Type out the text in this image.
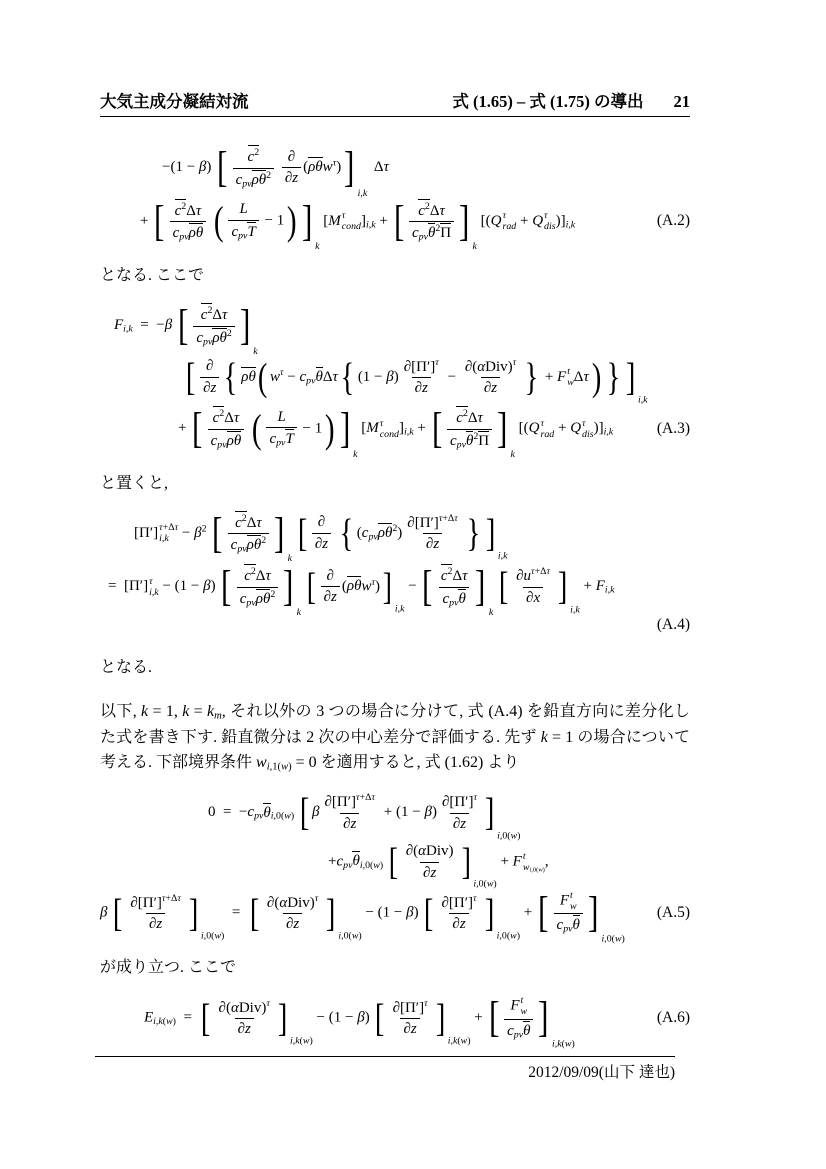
大気主成分凝結対流	式 (1.65) – 式 (1.75) の導出 21
−(1 − β) [ $c^2$
cpvρθ$^2$

∂
∂z
(ρθw$^\tau$) ]
i,k
Δτ
+ [ $c^2\Delta\tau$
cpvρθ
( L
cpvT
− 1 ) ]
k
[M τ
cond ]i,k + [ $c^2\Delta\tau$
cpvθ$^2$Π ]
k
[(Q τ
rad + Q τ
dis )]i,k	(A.2)

となる. ここで

Fi,k  =  −β [ $c^2\Delta\tau$
cpvρθ$^2$ ]
k
[ ∂
∂z { ρθ ( $w^\tau - cpv\theta\Delta\tau$ { $(1 - \beta) \frac{\partial[\Pi']^\tau}{\partial z}$ −
$\partial(\alpha Div)^\tau$
∂z } + F t
w Δτ ) } ]
i,k
+ [ $c^2\Delta\tau$
cpvρθ
( L
cpvT
− 1 ) ]
k
[M τ
cond ]i,k + [ $c^2\Delta\tau$
cpvθ$^2$Π ]
k
[(Q τ
rad + Q τ
dis )]i,k	(A.3)

と置くと,

[Π′] τ+Δτ
$i,k - \beta^2$ [ $c^2\Delta\tau$
cpvρθ$^2$ ]
k

[ ∂
∂z
{ $(cpv\rho\theta^2) \frac{\partial[\Pi']^{\tau+\Delta\tau}}{\partial z}$ } ]
i,k
=  [Π′] τ
i,k − (1 − β) [ $c^2\Delta\tau$
cpvρθ$^2$ ]
k

[ ∂
∂z
(ρθw$^\tau$) ]
i,k
− [ $c^2\Delta\tau$
cpvθ ]
k

[ $\frac{\partial u^{\tau+\Delta\tau}}{\partial x}$ ]
i,k
+ Fi,k
(A.4)

となる.

以下, k = 1, k = km, それ以外の 3 つの場合に分けて, 式 (A.4) を鉛直方向に差分化した式を書き下す. 鉛直微分は 2 次の中心差分で評価する. 先ず k = 1 の場合について考える. 下部境界条件 wi,1(w) = 0 を適用すると, 式 (1.62) より

0  =  −cpvθi,0(w) [ β $\frac{\partial[\Pi']^{\tau+\Delta\tau}}{\partial z} + (1 - \beta) \frac{\partial[\Pi']^\tau}{\partial z}$ ]
i,0(w)
+cpvθi,0(w) [ ∂(αDiv)
∂z ]
i,0(w)
+ F t
wi,0(w)
,
β [ $\frac{\partial[\Pi']^{\tau+\Delta\tau}}{\partial z}$ ]
i,0(w)
= [ $\partial(\alpha Div)^\tau$
∂z ]
i,0(w)
− (1 − β) [ $\frac{\partial[\Pi']^\tau}{\partial z}$ ]
i,0(w)
+ [ F t
w
cpvθ ]
i,0(w)
(A.5)

が成り立つ. ここで

Ei,k(w)  = [ $\partial(\alpha Div)^\tau$
∂z ]
i,k(w)
− (1 − β) [ $\frac{\partial[\Pi']^\tau}{\partial z}$ ]
i,k(w)
+ [ F t
w
cpvθ ]
i,k(w)
(A.6)
2012/09/09(山下 達也)
